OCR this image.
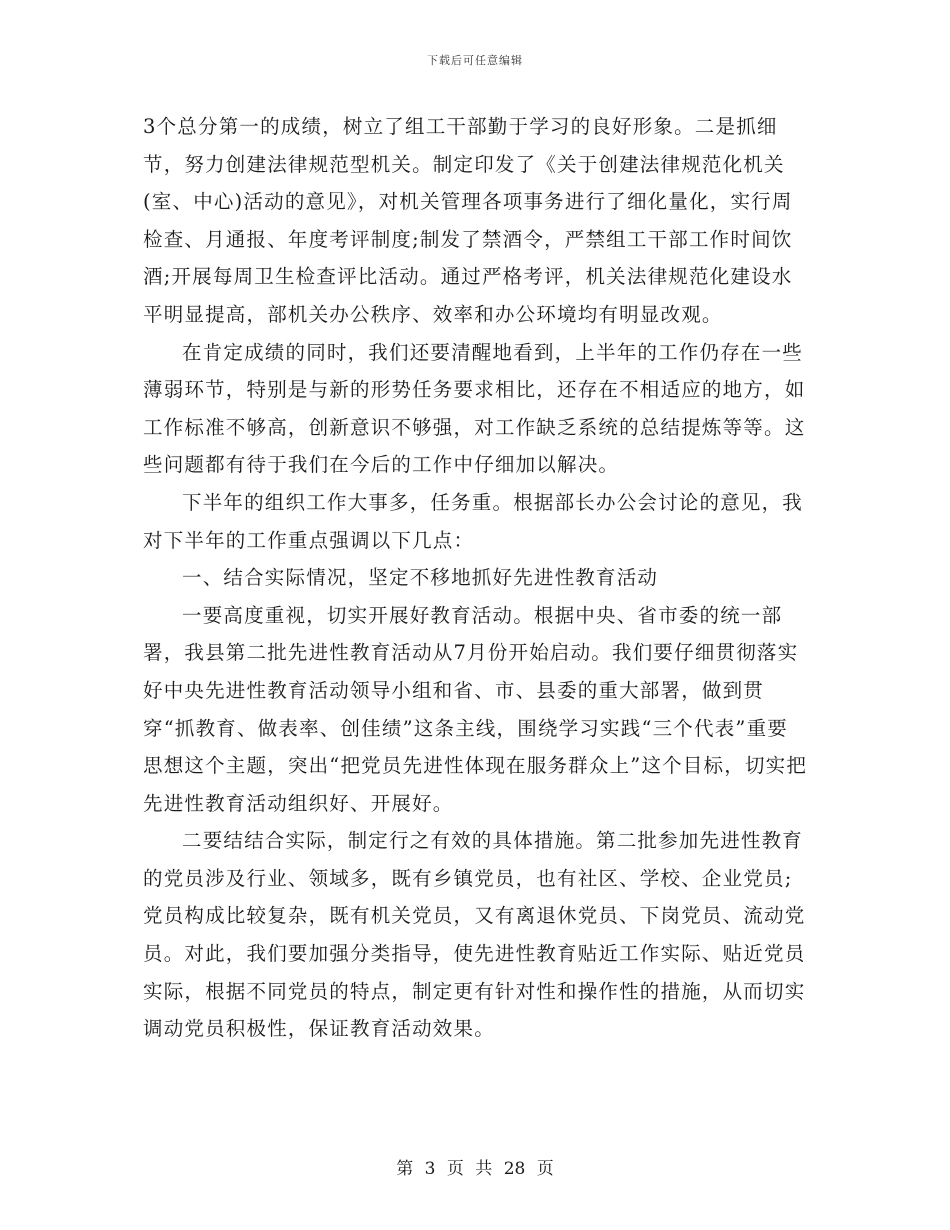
下载后可任意编辑

3个总分第一的成绩，树立了组工干部勤于学习的良好形象。二是抓细节，努力创建法律规范型机关。制定印发了《关于创建法律规范化机关(室、中心)活动的意见》，对机关管理各项事务进行了细化量化，实行周检查、月通报、年度考评制度;制发了禁酒令，严禁组工干部工作时间饮酒;开展每周卫生检查评比活动。通过严格考评，机关法律规范化建设水平明显提高，部机关办公秩序、效率和办公环境均有明显改观。

在肯定成绩的同时，我们还要清醒地看到，上半年的工作仍存在一些薄弱环节，特别是与新的形势任务要求相比，还存在不相适应的地方，如工作标准不够高，创新意识不够强，对工作缺乏系统的总结提炼等等。这些问题都有待于我们在今后的工作中仔细加以解决。

下半年的组织工作大事多，任务重。根据部长办公会讨论的意见，我对下半年的工作重点强调以下几点：

一、结合实际情况，坚定不移地抓好先进性教育活动

一要高度重视，切实开展好教育活动。根据中央、省市委的统一部署，我县第二批先进性教育活动从7月份开始启动。我们要仔细贯彻落实好中央先进性教育活动领导小组和省、市、县委的重大部署，做到贯穿“抓教育、做表率、创佳绩”这条主线，围绕学习实践“三个代表”重要思想这个主题，突出“把党员先进性体现在服务群众上”这个目标，切实把先进性教育活动组织好、开展好。

二要结结合实际，制定行之有效的具体措施。第二批参加先进性教育的党员涉及行业、领域多，既有乡镇党员，也有社区、学校、企业党员;党员构成比较复杂，既有机关党员，又有离退休党员、下岗党员、流动党员。对此，我们要加强分类指导，使先进性教育贴近工作实际、贴近党员实际，根据不同党员的特点，制定更有针对性和操作性的措施，从而切实调动党员积极性，保证教育活动效果。

第 3 页 共 28 页
